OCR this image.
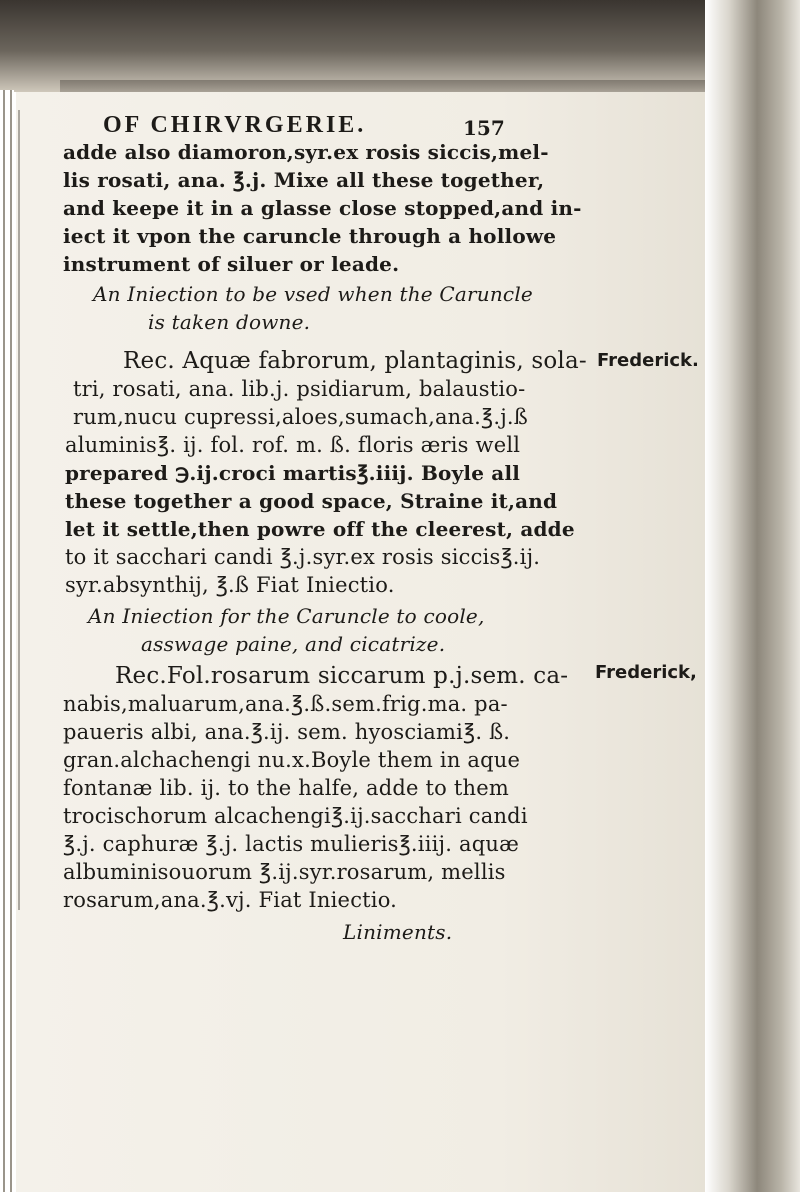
OF CHIRVRGERIE.	157
adde also diamoron,syr.ex rosis siccis,mel-
lis rosati, ana. ℥.j. Mixe all these together,
and keepe it in a glasse close stopped,and in-
iect it vpon the caruncle through a hollowe
instrument of siluer or leade.
An Iniection to be vsed when the Caruncle
is taken downe.
Rec. Aquæ fabrorum, plantaginis, sola-
tri, rosati, ana. lib.j. psidiarum, balaustio-
rum,nucu cupressi,aloes,sumach,ana.℥.j.ß
aluminis℥. ij. fol. rof. m. ß. floris æris well
prepared ℈.ij.croci martis℥.iiij. Boyle all
these together a good space, Straine it,and
let it settle,then powre off the cleerest, adde
to it sacchari candi ℥.j.syr.ex rosis siccis℥.ij.
syr.absynthij, ℥.ß Fiat Iniectio.
An Iniection for the Caruncle to coole,
asswage paine, and cicatrize.
Rec.Fol.rosarum siccarum p.j.sem. ca-
nabis,maluarum,ana.℥.ß.sem.frig.ma. pa-
pauеris albi, ana.℥.ij. sem. hyosciami℥. ß.
gran.alchachengi nu.x.Boyle them in aque
fontanæ lib. ij. to the halfe, adde to them
trocischorum alcachengi℥.ij.sacchari candi
℥.j. caphuræ ℥.j. lactis mulieris℥.iiij. aquæ
albuminisouorum ℥.ij.syr.rosarum, mellis
rosarum,ana.℥.vj. Fiat Iniectio.
Liniments.
Frederick.
Frederick,
